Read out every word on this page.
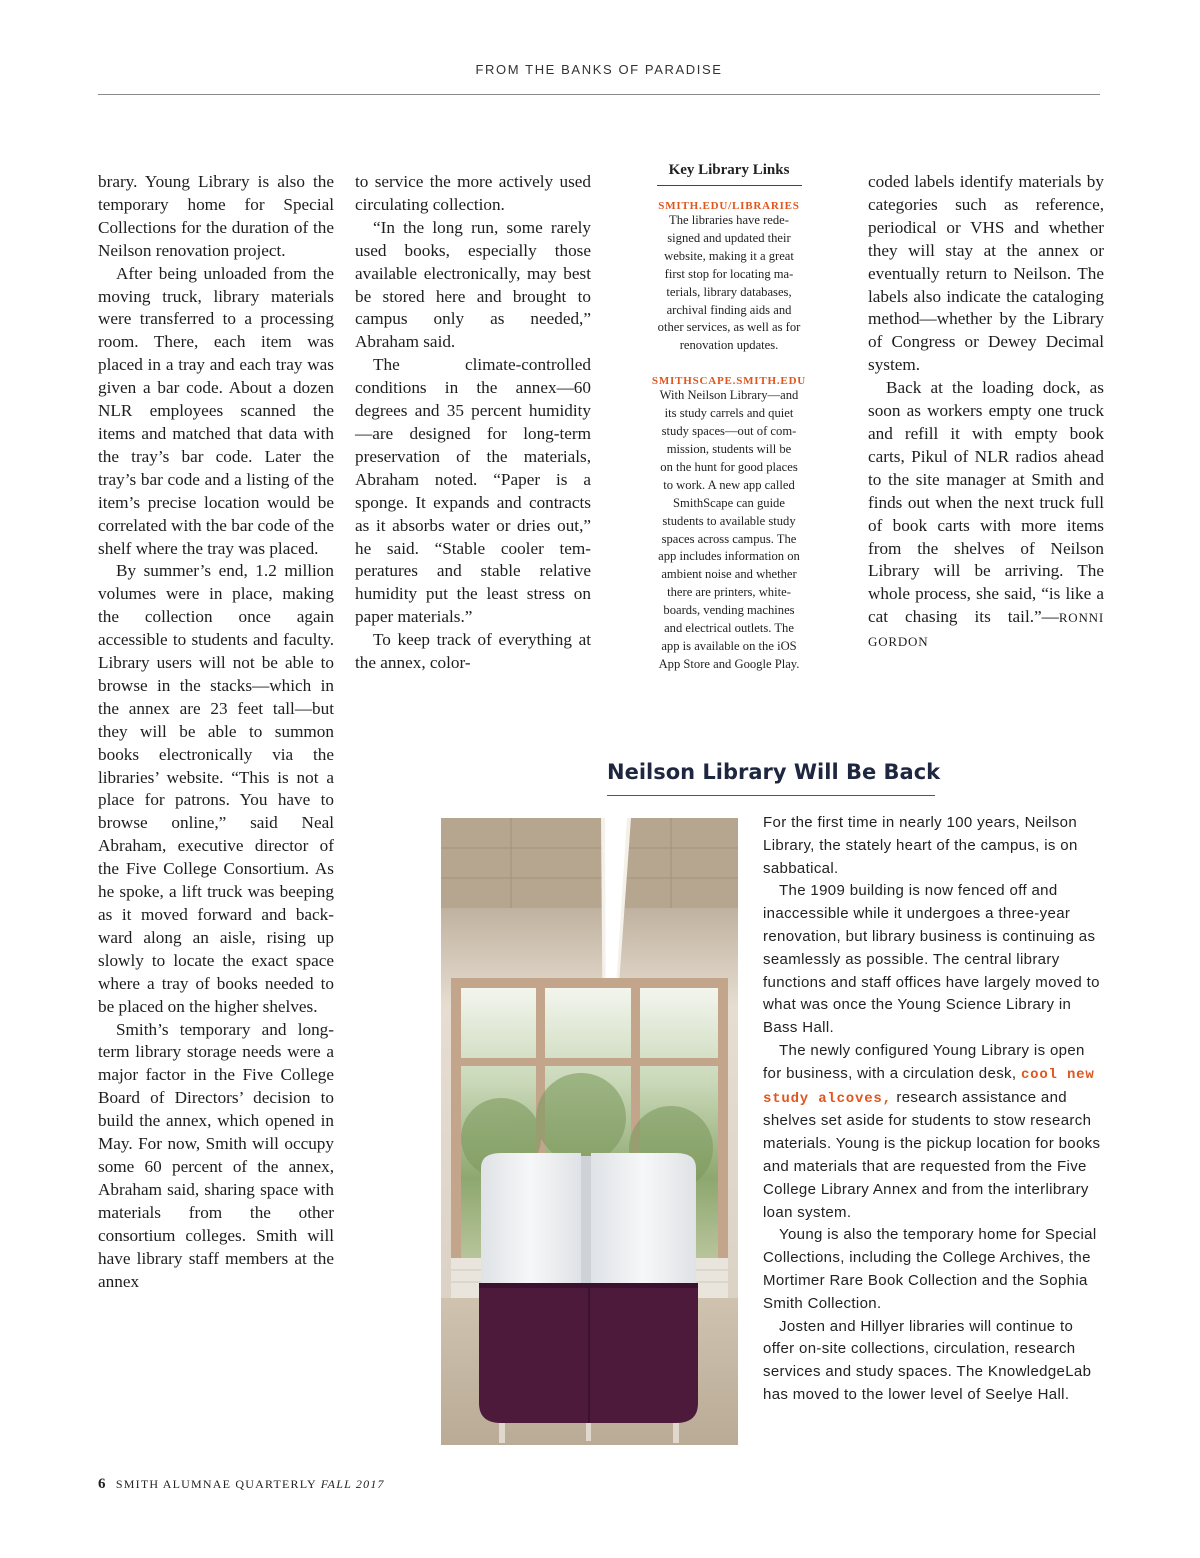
FROM THE BANKS OF PARADISE

brary. Young Library is also the temporary home for Special Collections for the duration of the Neilson renovation project.

After being unloaded from the moving truck, library materials were transferred to a processing room. There, each item was placed in a tray and each tray was given a bar code. About a dozen NLR employees scanned the items and matched that data with the tray’s bar code. Later the tray’s bar code and a listing of the item’s precise location would be correlated with the bar code of the shelf where the tray was placed.

By summer’s end, 1.2 million volumes were in place, making the collection once again accessible to students and faculty. Library users will not be able to browse in the stacks—which in the annex are 23 feet tall—but they will be able to summon books electronically via the libraries’ website. “This is not a place for patrons. You have to browse online,” said Neal Abraham, executive director of the Five College Consortium. As he spoke, a lift truck was beeping as it moved forward and backward along an aisle, rising up slowly to locate the exact space where a tray of books needed to be placed on the higher shelves.

Smith’s temporary and long-term library storage needs were a major factor in the Five College Board of Directors’ decision to build the annex, which opened in May. For now, Smith will occupy some 60 percent of the annex, Abraham said, sharing space with materials from the other consortium colleges. Smith will have library staff members at the annex

to service the more actively used circulating collection.

“In the long run, some rarely used books, especially those available electronically, may best be stored here and brought to campus only as needed,” Abraham said.

The climate-controlled conditions in the annex—60 degrees and 35 percent humidity—are designed for long-term preservation of the materials, Abraham noted. “Paper is a sponge. It expands and contracts as it absorbs water or dries out,” he said. “Stable cooler temperatures and stable relative humidity put the least stress on paper materials.”

To keep track of everything at the annex, color-

Key Library Links
SMITH.EDU/LIBRARIES

The libraries have rede-

signed and updated their

website, making it a great

first stop for locating ma-

terials, library databases,

archival finding aids and

other services, as well as for

renovation updates.

SMITHSCAPE.SMITH.EDU

With Neilson Library—and

its study carrels and quiet

study spaces—out of com-

mission, students will be

on the hunt for good places

to work. A new app called

SmithScape can guide

students to available study

spaces across campus. The

app includes information on

ambient noise and whether

there are printers, white-

boards, vending machines

and electrical outlets. The

app is available on the iOS

App Store and Google Play.

coded labels identify materials by categories such as reference, periodical or VHS and whether they will stay at the annex or eventually return to Neilson. The labels also indicate the cataloging method—whether by the Library of Congress or Dewey Decimal system.

Back at the loading dock, as soon as workers empty one truck and refill it with empty book carts, Pikul of NLR radios ahead to the site manager at Smith and finds out when the next truck full of book carts with more items from the shelves of Neilson Library will be arriving. The whole process, she said, “is like a cat chasing its tail.”—RONNI GORDON

Neilson Library Will Be Back

For the first time in nearly 100 years, Neilson Library, the stately heart of the campus, is on sabbatical.

The 1909 building is now fenced off and inaccessible while it undergoes a three-year renovation, but library business is continuing as seamlessly as possible. The central library functions and staff offices have largely moved to what was once the Young Science Library in Bass Hall.

The newly configured Young Library is open for business, with a circulation desk, cool new study alcoves, research assistance and shelves set aside for students to stow research materials. Young is the pickup location for books and materials that are requested from the Five College Library Annex and from the interlibrary loan system.

Young is also the temporary home for Special Collections, including the College Archives, the Mortimer Rare Book Collection and the Sophia Smith Collection.

Josten and Hillyer libraries will continue to offer on-site collections, circulation, research services and study spaces. The KnowledgeLab has moved to the lower level of Seelye Hall.

6 SMITH ALUMNAE QUARTERLY FALL 2017
